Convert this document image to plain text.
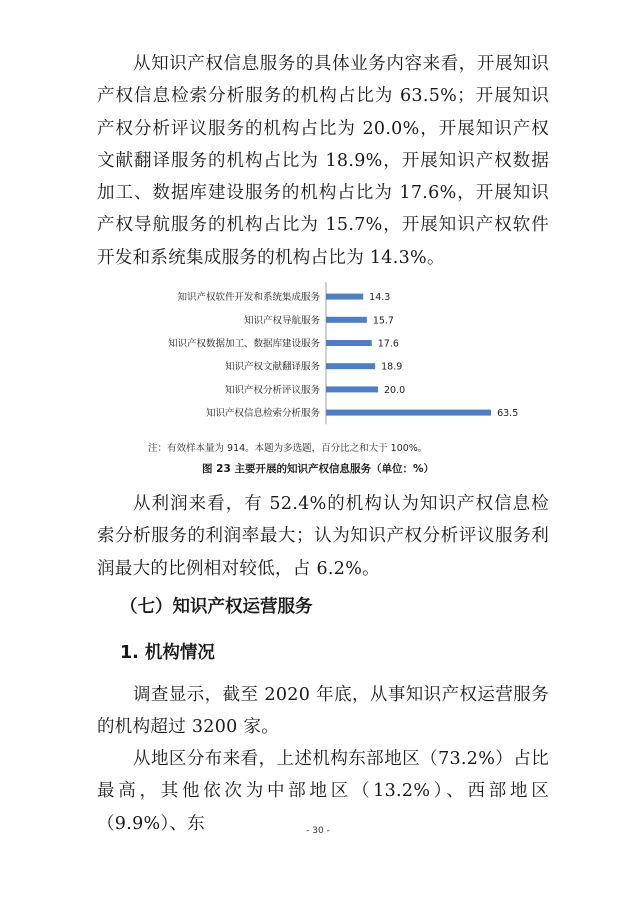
从知识产权信息服务的具体业务内容来看，开展知识产权信息检索分析服务的机构占比为 63.5%；开展知识产权分析评议服务的机构占比为 20.0%，开展知识产权文献翻译服务的机构占比为 18.9%，开展知识产权数据加工、数据库建设服务的机构占比为 17.6%，开展知识产权导航服务的机构占比为 15.7%，开展知识产权软件开发和系统集成服务的机构占比为 14.3%。

知识产权软件开发和系统集成服务	14.3
知识产权导航服务	15.7
知识产权数据加工、数据库建设服务	17.6
知识产权文献翻译服务	18.9
知识产权分析评议服务	20.0
知识产权信息检索分析服务	63.5
注：有效样本量为 914。本题为多选题，百分比之和大于 100%。
图 23 主要开展的知识产权信息服务（单位：%）

从利润来看，有 52.4%的机构认为知识产权信息检索分析服务的利润率最大；认为知识产权分析评议服务利润最大的比例相对较低，占 6.2%。

（七）知识产权运营服务
1. 机构情况

调查显示，截至 2020 年底，从事知识产权运营服务的机构超过 3200 家。

从地区分布来看，上述机构东部地区（73.2%）占比最高，其他依次为中部地区（13.2%）、西部地区（9.9%）、东	- 30 -
